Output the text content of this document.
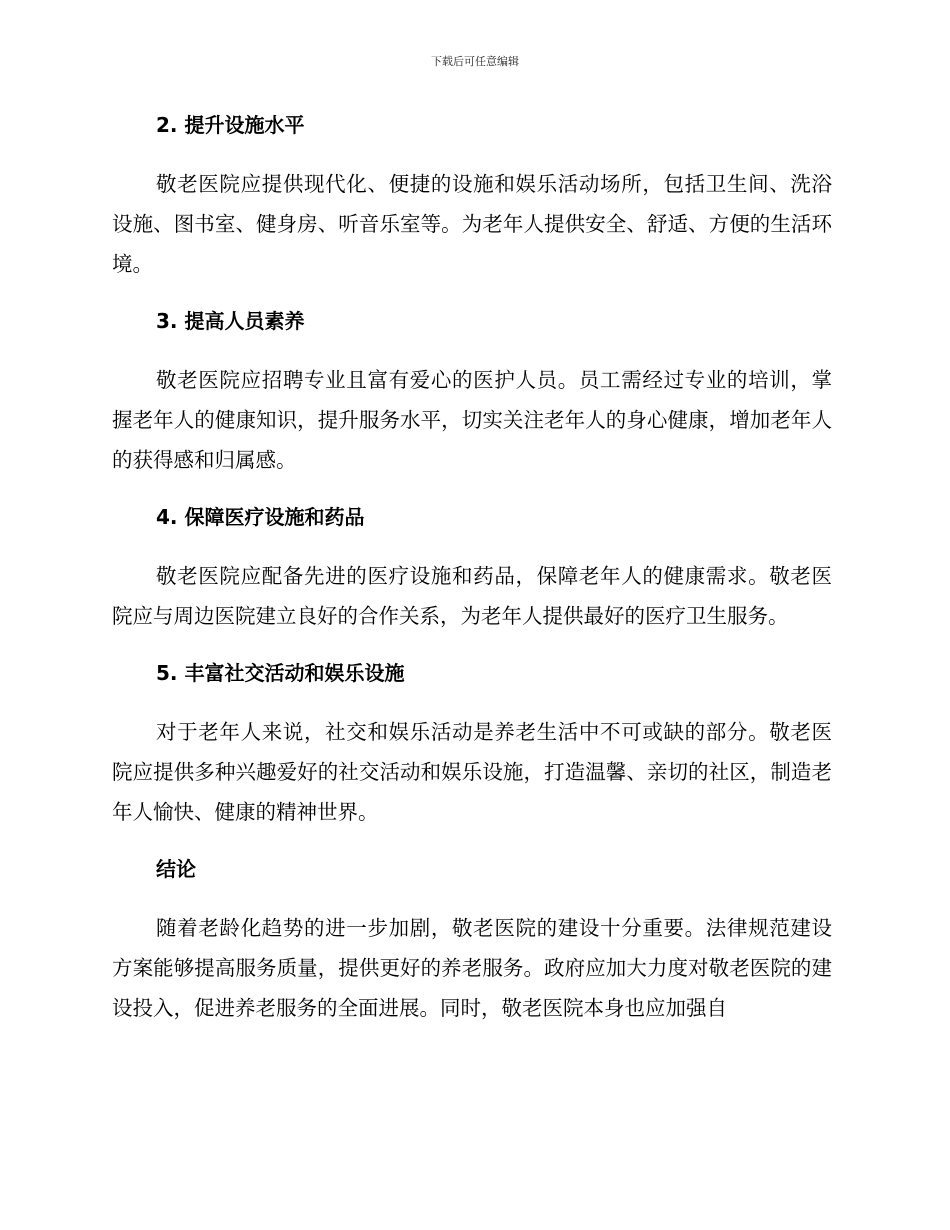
下载后可任意编辑
2. 提升设施水平

敬老医院应提供现代化、便捷的设施和娱乐活动场所，包括卫生间、洗浴设施、图书室、健身房、听音乐室等。为老年人提供安全、舒适、方便的生活环境。

3. 提高人员素养

敬老医院应招聘专业且富有爱心的医护人员。员工需经过专业的培训，掌握老年人的健康知识，提升服务水平，切实关注老年人的身心健康，增加老年人的获得感和归属感。

4. 保障医疗设施和药品

敬老医院应配备先进的医疗设施和药品，保障老年人的健康需求。敬老医院应与周边医院建立良好的合作关系，为老年人提供最好的医疗卫生服务。

5. 丰富社交活动和娱乐设施

对于老年人来说，社交和娱乐活动是养老生活中不可或缺的部分。敬老医院应提供多种兴趣爱好的社交活动和娱乐设施，打造温馨、亲切的社区，制造老年人愉快、健康的精神世界。

结论

随着老龄化趋势的进一步加剧，敬老医院的建设十分重要。法律规范建设方案能够提高服务质量，提供更好的养老服务。政府应加大力度对敬老医院的建设投入，促进养老服务的全面进展。同时，敬老医院本身也应加强自
